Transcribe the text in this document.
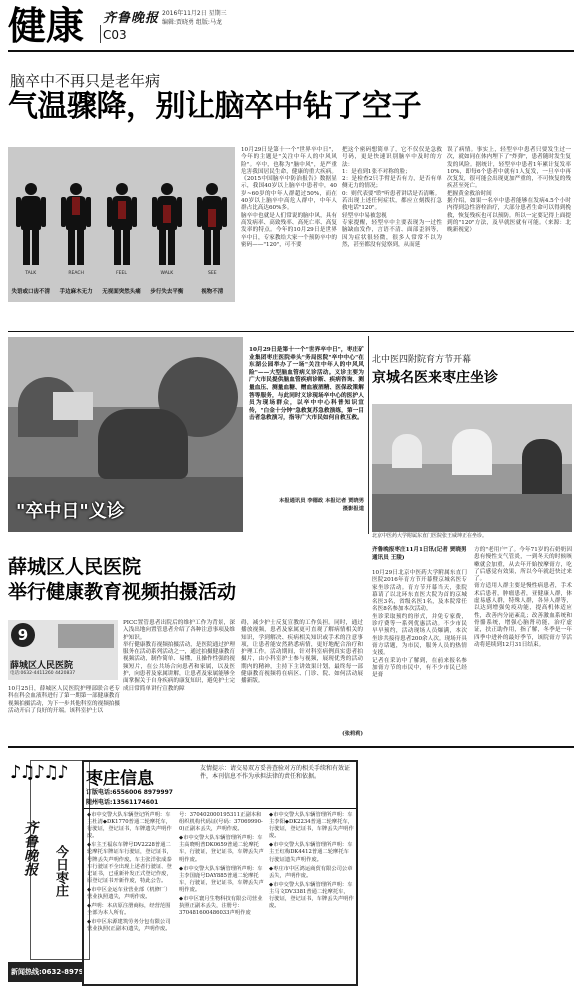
健康 齐鲁晚报 2016年11月2日 星期三
编辑:贾晓勇 组版:马龙
C03
脑卒中不再只是老年病
气温骤降，别让脑卒中钻了空子
TALK
失语或口齿不清
REACH
手边麻木无力
FEEL
无视面突然头痛
WALK
步行失去平衡
SEE
视物不清
10月29日是第十一个"世界卒中日"，今年的主题是"关注中年人的中风风险"。卒中，也称为"脑中风"，是严重危害我国居民生命，健康的重大疾病。《2015中国脑卒中防治报告》数据显示，我国40岁以上脑卒中患者中，40岁~60岁的中年人群超过50%，而在40岁以上脑卒中高危人群中，中年人群占比高达60%多。
脑卒中也就是人们常说的脑中风，具有高发病率、高致残率、高死亡率、高复发率的特点。今年的10月29日是世界卒中日，专家教给大家一个预防卒中的密码——"120"，可不要
把这个密码想简单了，它不仅仅是急救号码，更是快速识别脑卒中及时的方法：
1：是看到1张不对称的脸；
2：是检查2只手臂是否有力，是否有单侧无力的情况；
0：则代表要"聆"听患者讲话是否清晰。
若出现上述任何症状，都应立刻拨打急救电话"120"。
轻型卒中易被忽视
专家提醒，轻型卒中主要表现为一过性脑缺血发作，言语不清、面部歪斜等，因为症状很轻微，很多人常常不以为然，甚至都没有觉察到，从而延
误了病情。事实上，轻型卒中患者只要发生过一次，就如同在体内埋下了"炸弹"，患者随时发生复发的风险。据统计，轻型卒中患者1年累计复发率10%，即每6个患者中就有1人复发，一旦卒中再次复发，很可能会出现更加严重的，不可恢复的残疾甚至死亡。
把握黄金救治时间
据介绍，如果一名卒中患者能够在发病4.5个小时内得到急性溶栓治疗，大部分患者生命可以得到挽救，恢复残疾也可以预防。所以一定要记得上面提到的"120"方法，及早就医就有可能。（来源：北晚新视觉）
"卒中日"义诊
10月29日是第十一个"世界卒中日"，枣庄矿业集团枣庄医院牵头"务局医院"卒中中心"在东湖公园举办了一场"关注中年人的中风风险"——大型脑血管病义诊活动。义诊主要为广大市民提供脑血管疾病诊断、疾病咨询、测量血压、测量血糖、赠血液酒精、医保政策解答等服务，与此同时义诊现场卒中心的医护人员为现场群众，以卒中中心科普知识宣传，"白金十分钟"急救复苏急救演练，第一目击者急救演习，指导广大市民如何自救互救。
本报通讯员 李德政 本报记者 贾晓男 摄影报道
北中医四附院育方节开幕
京城名医来枣庄坐诊
北京中医药大学附属东直门医院张王威坤正在坐诊。
齐鲁晚报枣庄11月1日讯(记者 贾晓男 通讯员 王陵)
10月29日北京中医药大学附属东直门医院2016年育方节开幕暨京城名医专家坐诊活动。育方节开幕当天，张院幕请了以北环东直医大院为首的京城名医3名，省级名医1名，及本院常任名医8名参加本次活动。
坐诊采取预约的形式，并免专家费，诊疗费等一系列优惠活动。不少市民早早预约，活动现场人员爆满，本次坐诊共接待患者200余人次。现场开具膏方话题，为市民，服务人员的热情支援。
记者在采访中了解到，在前来报名参加膏方节的市民中，有不少市民已经是膏
方的"老用户"了。今年71岁的石奶奶因患有慢性支气管炎，一到冬天的时候咳嗽就会加重，从去年开始按摩膏方，吃了后感觉有效果，所以今年就赶快过来了。
膏方适用人群主要是慢性病患者，手术术后患者，肿瘤患者，亚健康人群，体虚易感人群，特殊人群，各异人群等，以达到增强免疫功能，提高机体适应性，改善内分泌紊乱；改善激血系统和骨骼系统，增强心脑肾功能，治疗虚证，扶正助作用，指了解，冬季是一年四季中进补的最好季节，该院膏方节活动将延续到12月31日结束。
薛城区人民医院
举行健康教育视频拍摄活动
9
薛城区人民医院
电话:0632-4411260 4420837
10月25日，薛城区人民医院护理部联合老专科在科会血液科进行了第一期第一部健康教育视频拍摄活动，为下一步其他科室的视频拍摄活动开启了良好的开端。该科室护士以
PICC置管患者出院后的维护工作为背景，深入浅出地向置管患者介绍了各种注意事项及维护知识。
举行健康教育视频拍摄活动，是医院通过护理服务在活动系列活动之一，通过拍摄健康教育视频活动，制作简单、易懂，且操作性强的视频短片，在公共场合向患者和家属，以及医护，向患者及家属讲解，让患者及家属能够全面掌握关于自身疾病的康复知识，避免护士完成日常简单讲行宣教的障
碍，减少护士反复宣教的工作负担。同时，通过播放视频，患者及家属更可直观了解病情相关的知识，学到解决、疾病相关知识或手术的注意事项，让患者能安然熟悉病情，更好地配合治疗和护理工作。活动期间，针对科室病例真实患者拍摄片，由小科室护士参与视频，展现优秀的活动期内的精神，主持下主讲效果计划，最终每一部健康教育视频将在病区、门诊、院、如何活动展播新版。
(张莉莉)
♪♫♪♫♪
齐鲁晚报 今日枣庄
新闻热线:0632-8979991
枣庄信息
订版电话:6556006 8979997
随州电话:13561174601
友情提示：请交易双方妥善查验对方的相关手续和有效证件，本刊信息不作为承担法律的责任和依据。
◆市中交警大队车辆登记所声明：车主杜清◆DK1770普通二轮摩托车，行驶证，登记证书，车牌遗失声明作废。
◆车主王福东车牌号DV2228普通二轮摩托车牌证车行驶证，登记证书，号牌丢失声明作废。车主张洋张成泰车行驶证不全出现上述者行驶证、登记证书，已重新补发正式登记作废，原登记证书开新作废，特此公告。
◆市中区金运车业营业部（机修厂）营业执照遗失，声明作废。
◆声明：本店原注册商标，经营范围全部为本人所有。
◆市中区东源建筑劳务分包有限公司营业执照(正副本)遗失，声明作废。
号：370402000195311正副本和组织机构代码证(号码：37069990-0)正副本丢失，声明作废。
◆市中交警大队车辆管理所声明：车主高晓明普DK0659普通二轮摩托车，行驶证，登记证书，车牌丢失声明作废。
◆市中交警大队车辆管理所声明：车主李国鹿号DAY885普通二轮摩托车，行驶证，登记证书，车牌丢失声明作废。
◆市中区寰月生物科技有限公司营业执照正副本丢失，注册号：370481600486033声明作废
◆市中交警大队车辆管理所声明：车主李阳◆DK2234普通二轮摩托车，行驶证，登记证书，车牌丢失声明作废。
◆市中交警大队车辆管理所声明：车主王红梅DK4412普通二轮摩托车行驶证遗失声明作废。
◆枣庄市中区鸿运商贸有限公司公章丢失，声明作废。
◆市中交警大队车辆管理所声明：车主马文DV3381普通二轮摩托车，行驶证，登记证书，车牌丢失声明作废。
